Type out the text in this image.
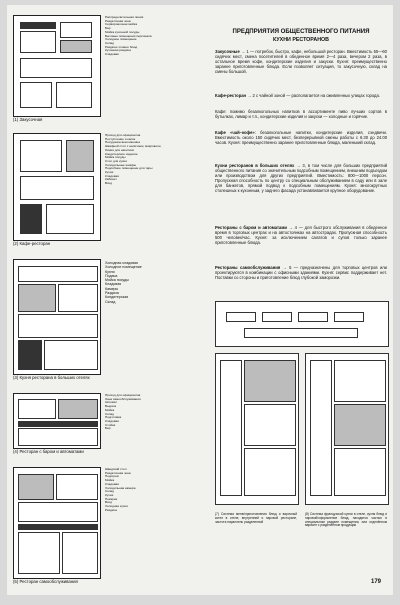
(1) Закусочная
Распределительная линия
Раздаточная зона
Сервировочная мойка
Бар
Мойка кухонной посуды
Бытовые помещения персонала
Холодное помещение
Склад
Раздача готовых блюд
Кухонная раздача
Кладовая
(2) Кафе-ресторан
Проход для официантов
Поступление и касса
Посудомоечная машина
Шкафной стол с наличием, микроволн.
Линия для напитков
Кондитерское изделие
Мойка посуды
Стол для кухни
Холодильные шкафы
Подсобное помещение для тары
Кухня
Кладовая
Кабинет
Вход
(3) Кухня ресторана в больших отелях
Холодная кладовая
Холодное помещение
Кухня
Подача
Мойка посуды
Кладовая
Камеры
Раздача
Кондитерская
Склад
(4) Ресторан с баром и автоматами
Проход для официантов
Зона самообслуживания
Автомат
Выдача
Мойка
Склад
Подготовка
Кладовая
Стойка
Бар
(5) Ресторан самообслуживания
Шведский стол
Раздаточная зона
Подогрев
Мойка
Кладовая
Холодильная камера
Склад
Кухня
Пекарня
Вход
Холодная кухня
Раздача
ПРЕДПРИЯТИЯ ОБЩЕСТВЕННОГО ПИТАНИЯ
КУХНИ РЕСТОРАНОВ
Закусочные → 1 — потребок, быстро, кафе, небольшой ресторан. Вместимость 55—60 сидячих мест, смена посетителей в обеденное время 2—4 раза, вечером 2 раза, в остальное время кофе, кондитерские изделия и закуски. Кухня: преимущественно заранее приготовленные блюда. Если позволяет ситуация, то закусочную, склад на смены большой.
Кафе-ресторан → 2 с чайной зоной — располагается на оживленных улицах города.
Кафе: помимо безалкогольных напитков в ассортименте пиво лучших сортов в бутылках, лимар и т.п., кондитерские изделия и закуски — холодные и горячие.
Кафе «чай–кофе»: безалкогольные напитки, кондитерские изделия, сэндвичи. Вместимость около 150 сидячих мест, безперерывной смены работы с 6.30 до 24.00 часов. Кухня: преимущественно заранее приготовленные блюда, маленький склад.
Кухни ресторанов в больших отелях → 3, в том числе для больших предприятий общественного питания со значительным подсобным помещением, внешним подъездом или производством для других предприятий. Вместимость: 800—1000 персон. Пропускная способность по центру со специальным обслуживанием в саду или в зале для банкетов, прямой подвод к подсобным помещениям. Кухня: многокрутных столешных к кухонным, у заднего фасада устанавливается крупное оборудование.
Рестораны с баром и автоматами → 4 — для быстрого обслуживания в обеденное время в торговых центрах и на автостоянках на автострадах. Пропускная способность 500 человек/час. Кухня: за исключением салатов и супов только заранее приготовленные блюда.
Рестораны самообслуживания → 5 — предназначены для торговых центров или проектируются в комбинации с офисными зданиями. Кухня: сервис поддерживает нет. Поставки со стороны и приготовление блюд глубокой заморозки.
(7) Система меню/приготовления блюд и варочный котел в отеле, внутренний и паровой ресторане, частота параллель разделенной
(8) Система французской кухни в отеле, кухня блюд и паровой/оформление блюд, находятся частью в специальном разделе помещения, или отделённом вариант с разделённом продукции
179
